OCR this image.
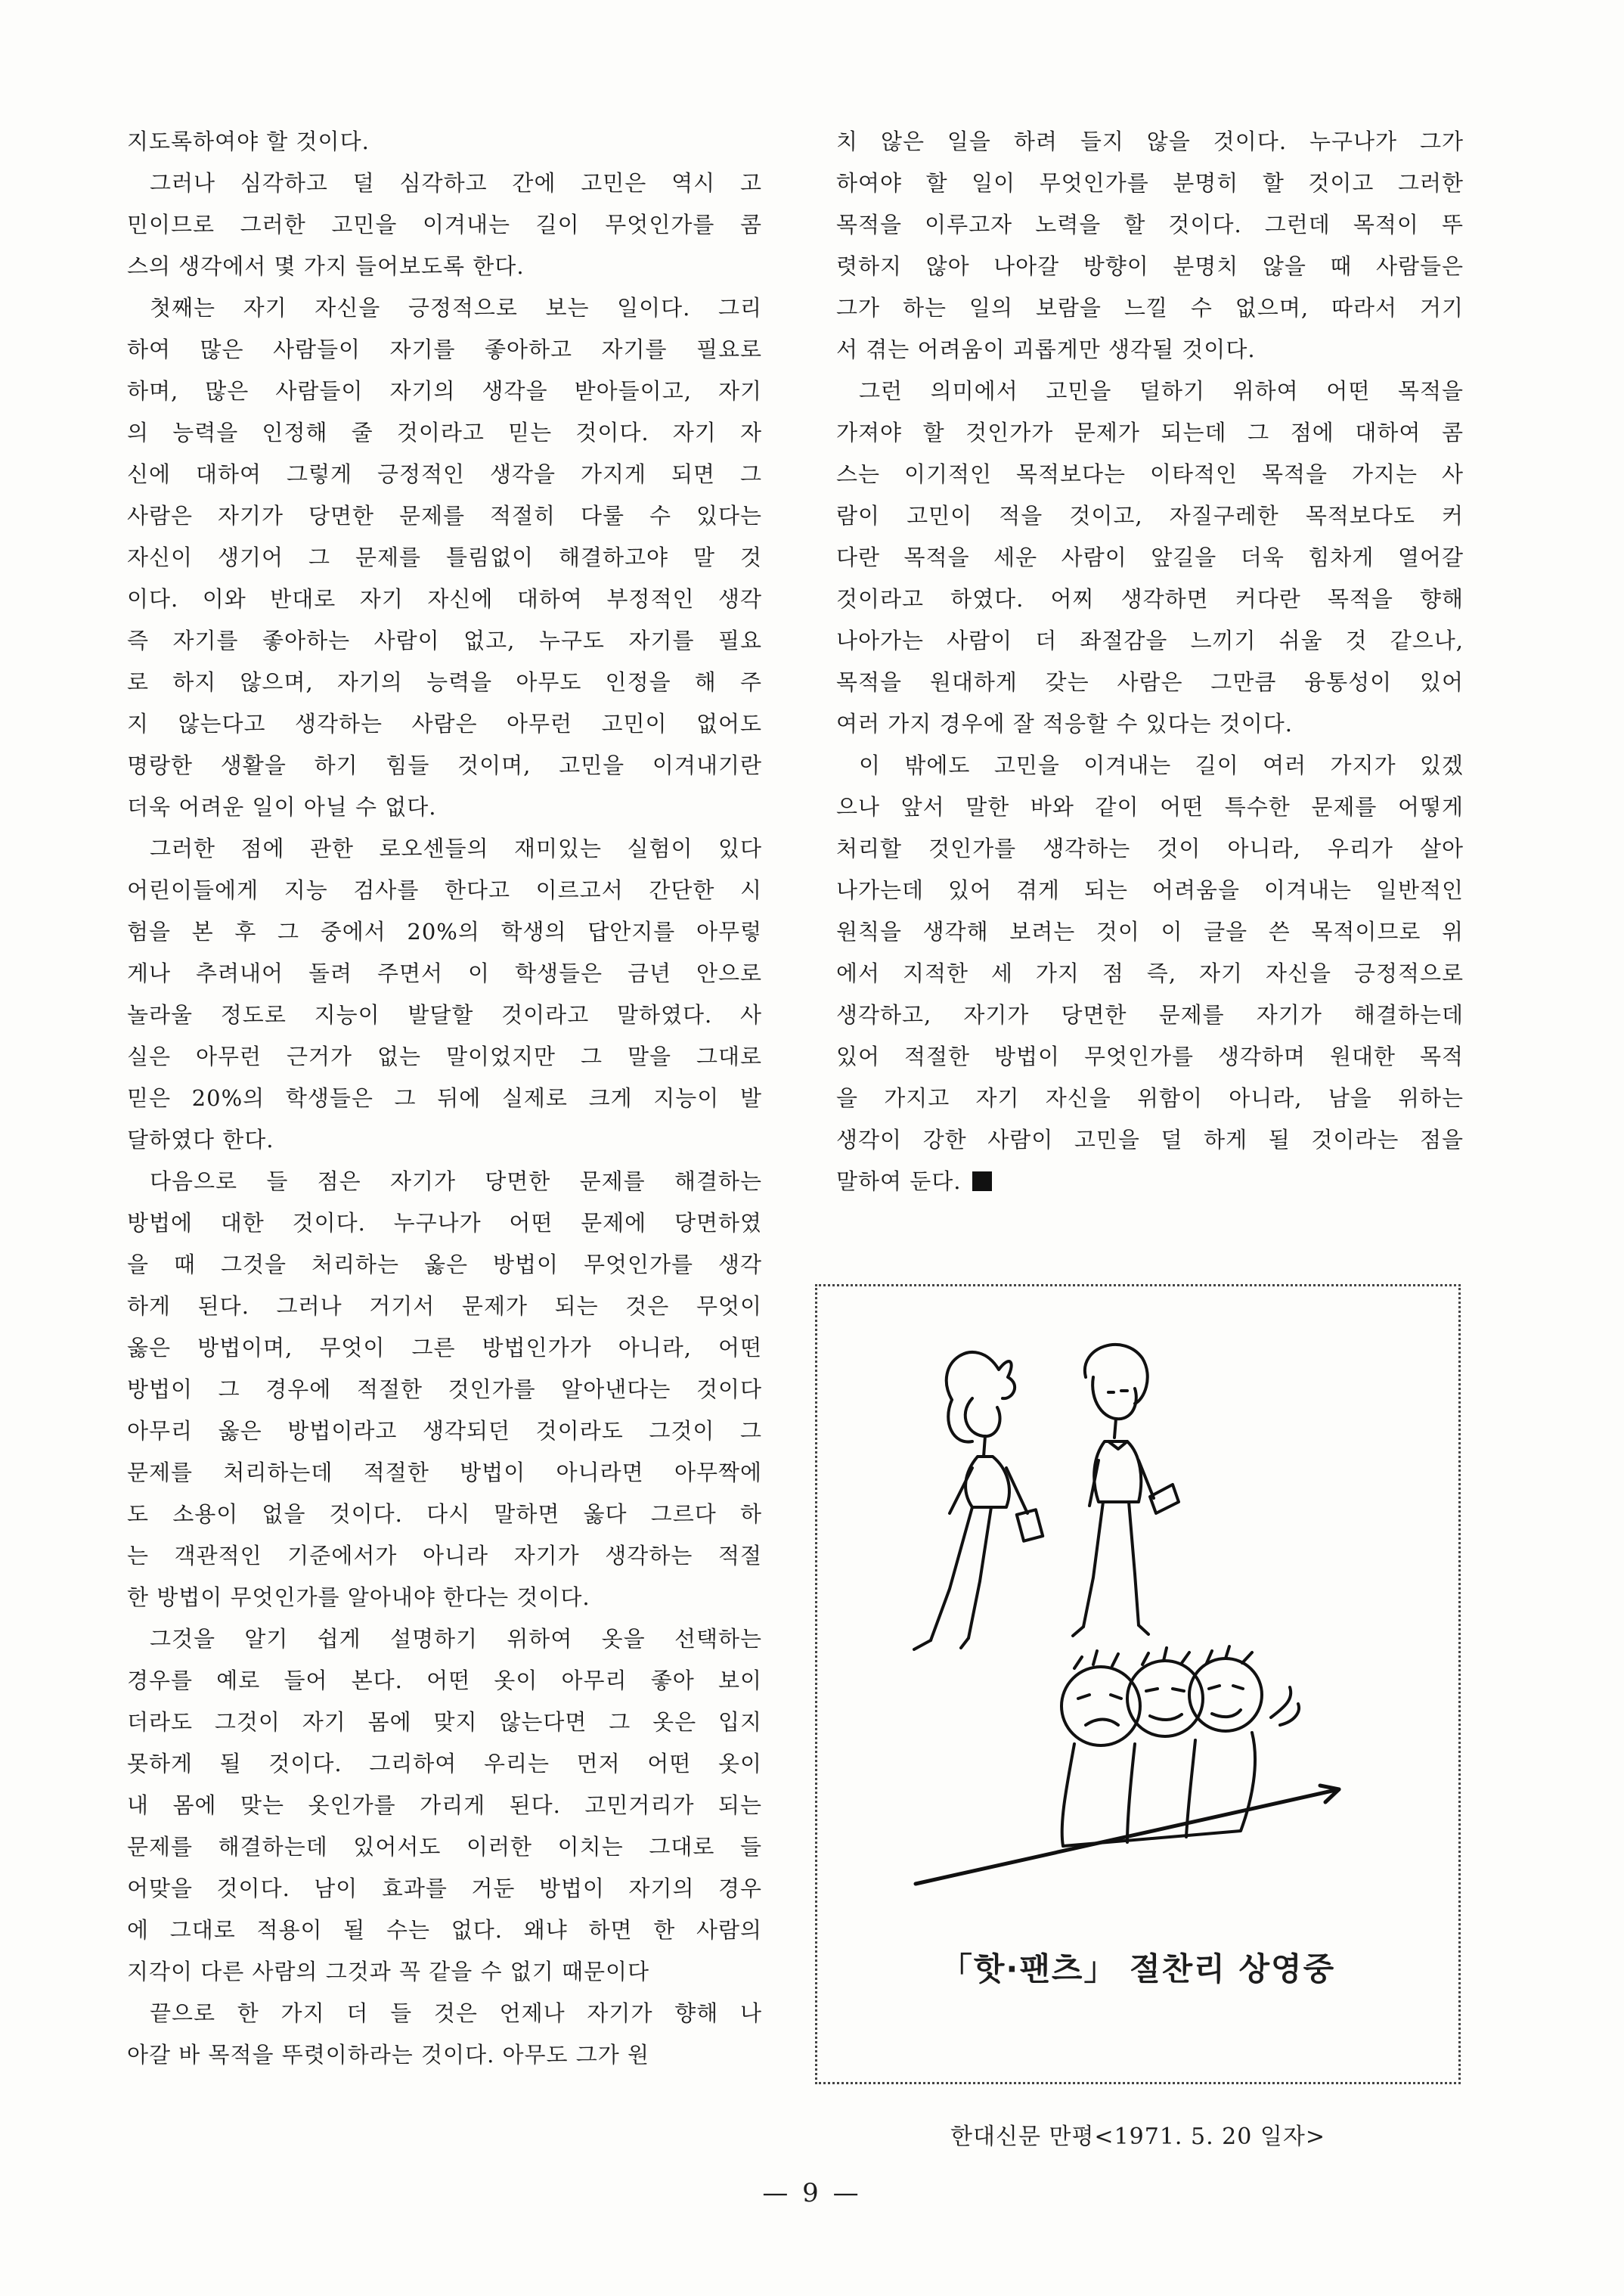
지도록하여야 할 것이다.
그러나 심각하고 덜 심각하고 간에 고민은 역시 고
민이므로 그러한 고민을 이겨내는 길이 무엇인가를 콤
스의 생각에서 몇 가지 들어보도록 한다.
첫째는 자기 자신을 긍정적으로 보는 일이다. 그리
하여 많은 사람들이 자기를 좋아하고 자기를 필요로
하며, 많은 사람들이 자기의 생각을 받아들이고, 자기
의 능력을 인정해 줄 것이라고 믿는 것이다. 자기 자
신에 대하여 그렇게 긍정적인 생각을 가지게 되면 그
사람은 자기가 당면한 문제를 적절히 다룰 수 있다는
자신이 생기어 그 문제를 틀림없이 해결하고야 말 것
이다. 이와 반대로 자기 자신에 대하여 부정적인 생각
즉 자기를 좋아하는 사람이 없고, 누구도 자기를 필요
로 하지 않으며, 자기의 능력을 아무도 인정을 해 주
지 않는다고 생각하는 사람은 아무런 고민이 없어도
명랑한 생활을 하기 힘들 것이며, 고민을 이겨내기란
더욱 어려운 일이 아닐 수 없다.
그러한 점에 관한 로오센들의 재미있는 실험이 있다
어린이들에게 지능 검사를 한다고 이르고서 간단한 시
험을 본 후 그 중에서 20%의 학생의 답안지를 아무렇
게나 추려내어 돌려 주면서 이 학생들은 금년 안으로
놀라울 정도로 지능이 발달할 것이라고 말하였다. 사
실은 아무런 근거가 없는 말이었지만 그 말을 그대로
믿은 20%의 학생들은 그 뒤에 실제로 크게 지능이 발
달하였다 한다.
다음으로 들 점은 자기가 당면한 문제를 해결하는
방법에 대한 것이다. 누구나가 어떤 문제에 당면하였
을 때 그것을 처리하는 옳은 방법이 무엇인가를 생각
하게 된다. 그러나 거기서 문제가 되는 것은 무엇이
옳은 방법이며, 무엇이 그른 방법인가가 아니라, 어떤
방법이 그 경우에 적절한 것인가를 알아낸다는 것이다
아무리 옳은 방법이라고 생각되던 것이라도 그것이 그
문제를 처리하는데 적절한 방법이 아니라면 아무짝에
도 소용이 없을 것이다. 다시 말하면 옳다 그르다 하
는 객관적인 기준에서가 아니라 자기가 생각하는 적절
한 방법이 무엇인가를 알아내야 한다는 것이다.
그것을 알기 쉽게 설명하기 위하여 옷을 선택하는
경우를 예로 들어 본다. 어떤 옷이 아무리 좋아 보이
더라도 그것이 자기 몸에 맞지 않는다면 그 옷은 입지
못하게 될 것이다. 그리하여 우리는 먼저 어떤 옷이
내 몸에 맞는 옷인가를 가리게 된다. 고민거리가 되는
문제를 해결하는데 있어서도 이러한 이치는 그대로 들
어맞을 것이다. 남이 효과를 거둔 방법이 자기의 경우
에 그대로 적용이 될 수는 없다. 왜냐 하면 한 사람의
지각이 다른 사람의 그것과 꼭 같을 수 없기 때문이다
끝으로 한 가지 더 들 것은 언제나 자기가 향해 나
아갈 바 목적을 뚜렷이하라는 것이다. 아무도 그가 원
치 않은 일을 하려 들지 않을 것이다. 누구나가 그가
하여야 할 일이 무엇인가를 분명히 할 것이고 그러한
목적을 이루고자 노력을 할 것이다. 그런데 목적이 뚜
렷하지 않아 나아갈 방향이 분명치 않을 때 사람들은
그가 하는 일의 보람을 느낄 수 없으며, 따라서 거기
서 겪는 어려움이 괴롭게만 생각될 것이다.
그런 의미에서 고민을 덜하기 위하여 어떤 목적을
가져야 할 것인가가 문제가 되는데 그 점에 대하여 콤
스는 이기적인 목적보다는 이타적인 목적을 가지는 사
람이 고민이 적을 것이고, 자질구레한 목적보다도 커
다란 목적을 세운 사람이 앞길을 더욱 힘차게 열어갈
것이라고 하였다. 어찌 생각하면 커다란 목적을 향해
나아가는 사람이 더 좌절감을 느끼기 쉬울 것 같으나,
목적을 원대하게 갖는 사람은 그만큼 융통성이 있어
여러 가지 경우에 잘 적응할 수 있다는 것이다.
이 밖에도 고민을 이겨내는 길이 여러 가지가 있겠
으나 앞서 말한 바와 같이 어떤 특수한 문제를 어떻게
처리할 것인가를 생각하는 것이 아니라, 우리가 살아
나가는데 있어 겪게 되는 어려움을 이겨내는 일반적인
원칙을 생각해 보려는 것이 이 글을 쓴 목적이므로 위
에서 지적한 세 가지 점 즉, 자기 자신을 긍정적으로
생각하고, 자기가 당면한 문제를 자기가 해결하는데
있어 적절한 방법이 무엇인가를 생각하며 원대한 목적
을 가지고 자기 자신을 위함이 아니라, 남을 위하는
생각이 강한 사람이 고민을 덜 하게 될 것이라는 점을
말하여 둔다.
「핫·팬츠」 절찬리 상영중
한대신문 만평<1971. 5. 20 일자>
— 9 —
